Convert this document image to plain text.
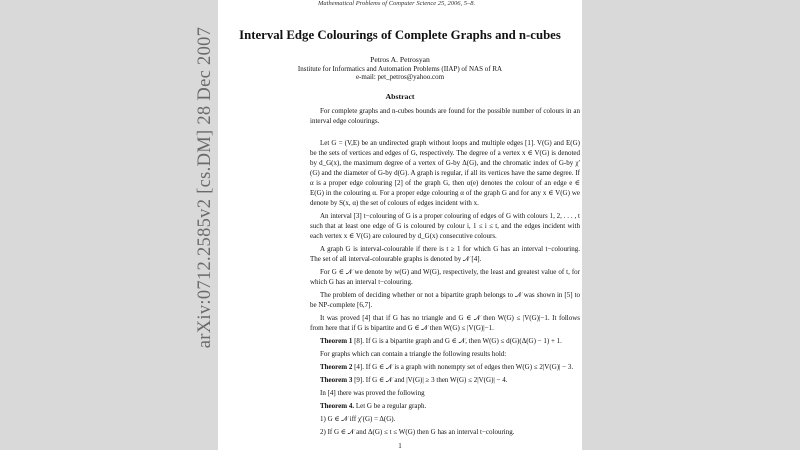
arXiv:0712.2585v2 [cs.DM] 28 Dec 2007
Mathematical Problems of Computer Science 25, 2006, 5–8.
Interval Edge Colourings of Complete Graphs and n-cubes
Petros A. Petrosyan
Institute for Informatics and Automation Problems (IIAP) of NAS of RA
e-mail: pet_petros@yahoo.com
Abstract

For complete graphs and n-cubes bounds are found for the possible number of colours in an interval edge colourings.

Let G = (V,E) be an undirected graph without loops and multiple edges [1]. V(G) and E(G) be the sets of vertices and edges of G, respectively. The degree of a vertex x ∈ V(G) is denoted by d_G(x), the maximum degree of a vertex of G-by Δ(G), and the chromatic index of G-by χ′(G) and the diameter of G-by d(G). A graph is regular, if all its vertices have the same degree. If α is a proper edge colouring [2] of the graph G, then α(e) denotes the colour of an edge e ∈ E(G) in the colouring α. For a proper edge colouring α of the graph G and for any x ∈ V(G) we denote by S(x, α) the set of colours of edges incident with x.

An interval [3] t−colouring of G is a proper colouring of edges of G with colours 1, 2, . . . , t such that at least one edge of G is coloured by colour i, 1 ≤ i ≤ t, and the edges incident with each vertex x ∈ V(G) are coloured by d_G(x) consecutive colours.

A graph G is interval-colourable if there is t ≥ 1 for which G has an interval t−colouring. The set of all interval-colourable graphs is denoted by 𝒩 [4].

For G ∈ 𝒩 we denote by w(G) and W(G), respectively, the least and greatest value of t, for which G has an interval t−colouring.

The problem of deciding whether or not a bipartite graph belongs to 𝒩 was shown in [5] to be NP-complete [6,7].

It was proved [4] that if G has no triangle and G ∈ 𝒩 then W(G) ≤ |V(G)|−1. It follows from here that if G is bipartite and G ∈ 𝒩 then W(G) ≤ |V(G)|−1.

Theorem 1 [8]. If G is a bipartite graph and G ∈ 𝒩, then W(G) ≤ d(G)(Δ(G) − 1) + 1.

For graphs which can contain a triangle the following results hold:

Theorem 2 [4]. If G ∈ 𝒩 is a graph with nonempty set of edges then W(G) ≤ 2|V(G)| − 3.

Theorem 3 [9]. If G ∈ 𝒩 and |V(G)| ≥ 3 then W(G) ≤ 2|V(G)| − 4.

In [4] there was proved the following

Theorem 4. Let G be a regular graph.

1) G ∈ 𝒩 iff χ′(G) = Δ(G).

2) If G ∈ 𝒩 and Δ(G) ≤ t ≤ W(G) then G has an interval t−colouring.

1
